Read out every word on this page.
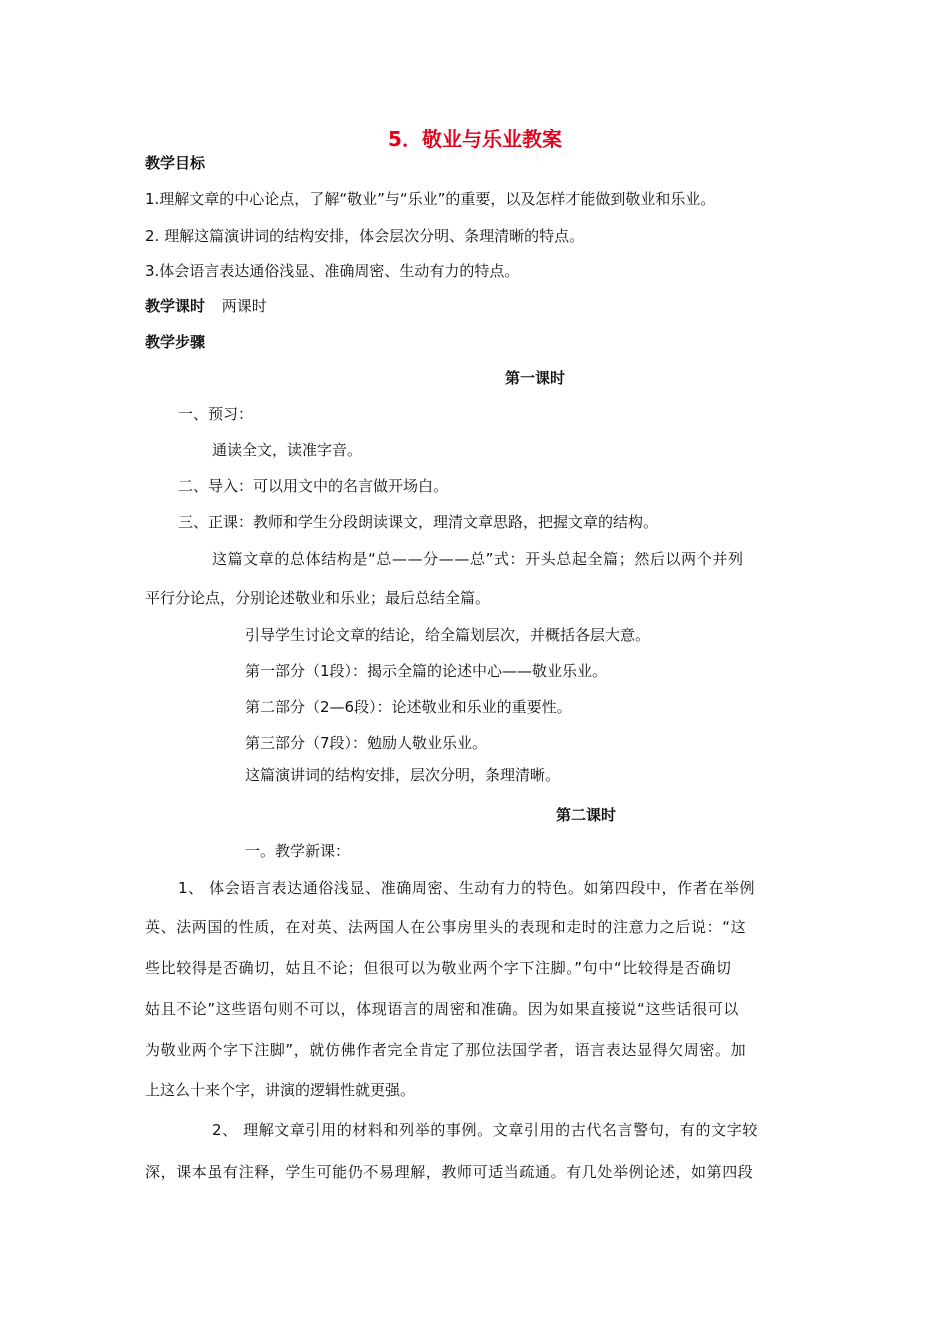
5．敬业与乐业教案
教学目标
1.理解文章的中心论点，了解“敬业”与“乐业”的重要，以及怎样才能做到敬业和乐业。
2. 理解这篇演讲词的结构安排，体会层次分明、条理清晰的特点。
3.体会语言表达通俗浅显、准确周密、生动有力的特点。
教学课时 两课时
教学步骤
第一课时
一、预习：
通读全文，读准字音。
二、导入：可以用文中的名言做开场白。
三、正课：教师和学生分段朗读课文，理清文章思路，把握文章的结构。
这篇文章的总体结构是“总——分——总”式：开头总起全篇；然后以两个并列
平行分论点，分别论述敬业和乐业；最后总结全篇。
引导学生讨论文章的结论，给全篇划层次，并概括各层大意。
第一部分（1段）：揭示全篇的论述中心——敬业乐业。
第二部分（2—6段）：论述敬业和乐业的重要性。
第三部分（7段）：勉励人敬业乐业。
这篇演讲词的结构安排，层次分明，条理清晰。
第二课时
一。教学新课：
1、 体会语言表达通俗浅显、准确周密、生动有力的特色。如第四段中，作者在举例
英、法两国的性质，在对英、法两国人在公事房里头的表现和走时的注意力之后说：“这
些比较得是否确切，姑且不论；但很可以为敬业两个字下注脚。”句中“比较得是否确切
姑且不论”这些语句则不可以，体现语言的周密和准确。因为如果直接说“这些话很可以
为敬业两个字下注脚”，就仿佛作者完全肯定了那位法国学者，语言表达显得欠周密。加
上这么十来个字，讲演的逻辑性就更强。
2、 理解文章引用的材料和列举的事例。文章引用的古代名言警句，有的文字较
深，课本虽有注释，学生可能仍不易理解，教师可适当疏通。有几处举例论述，如第四段
